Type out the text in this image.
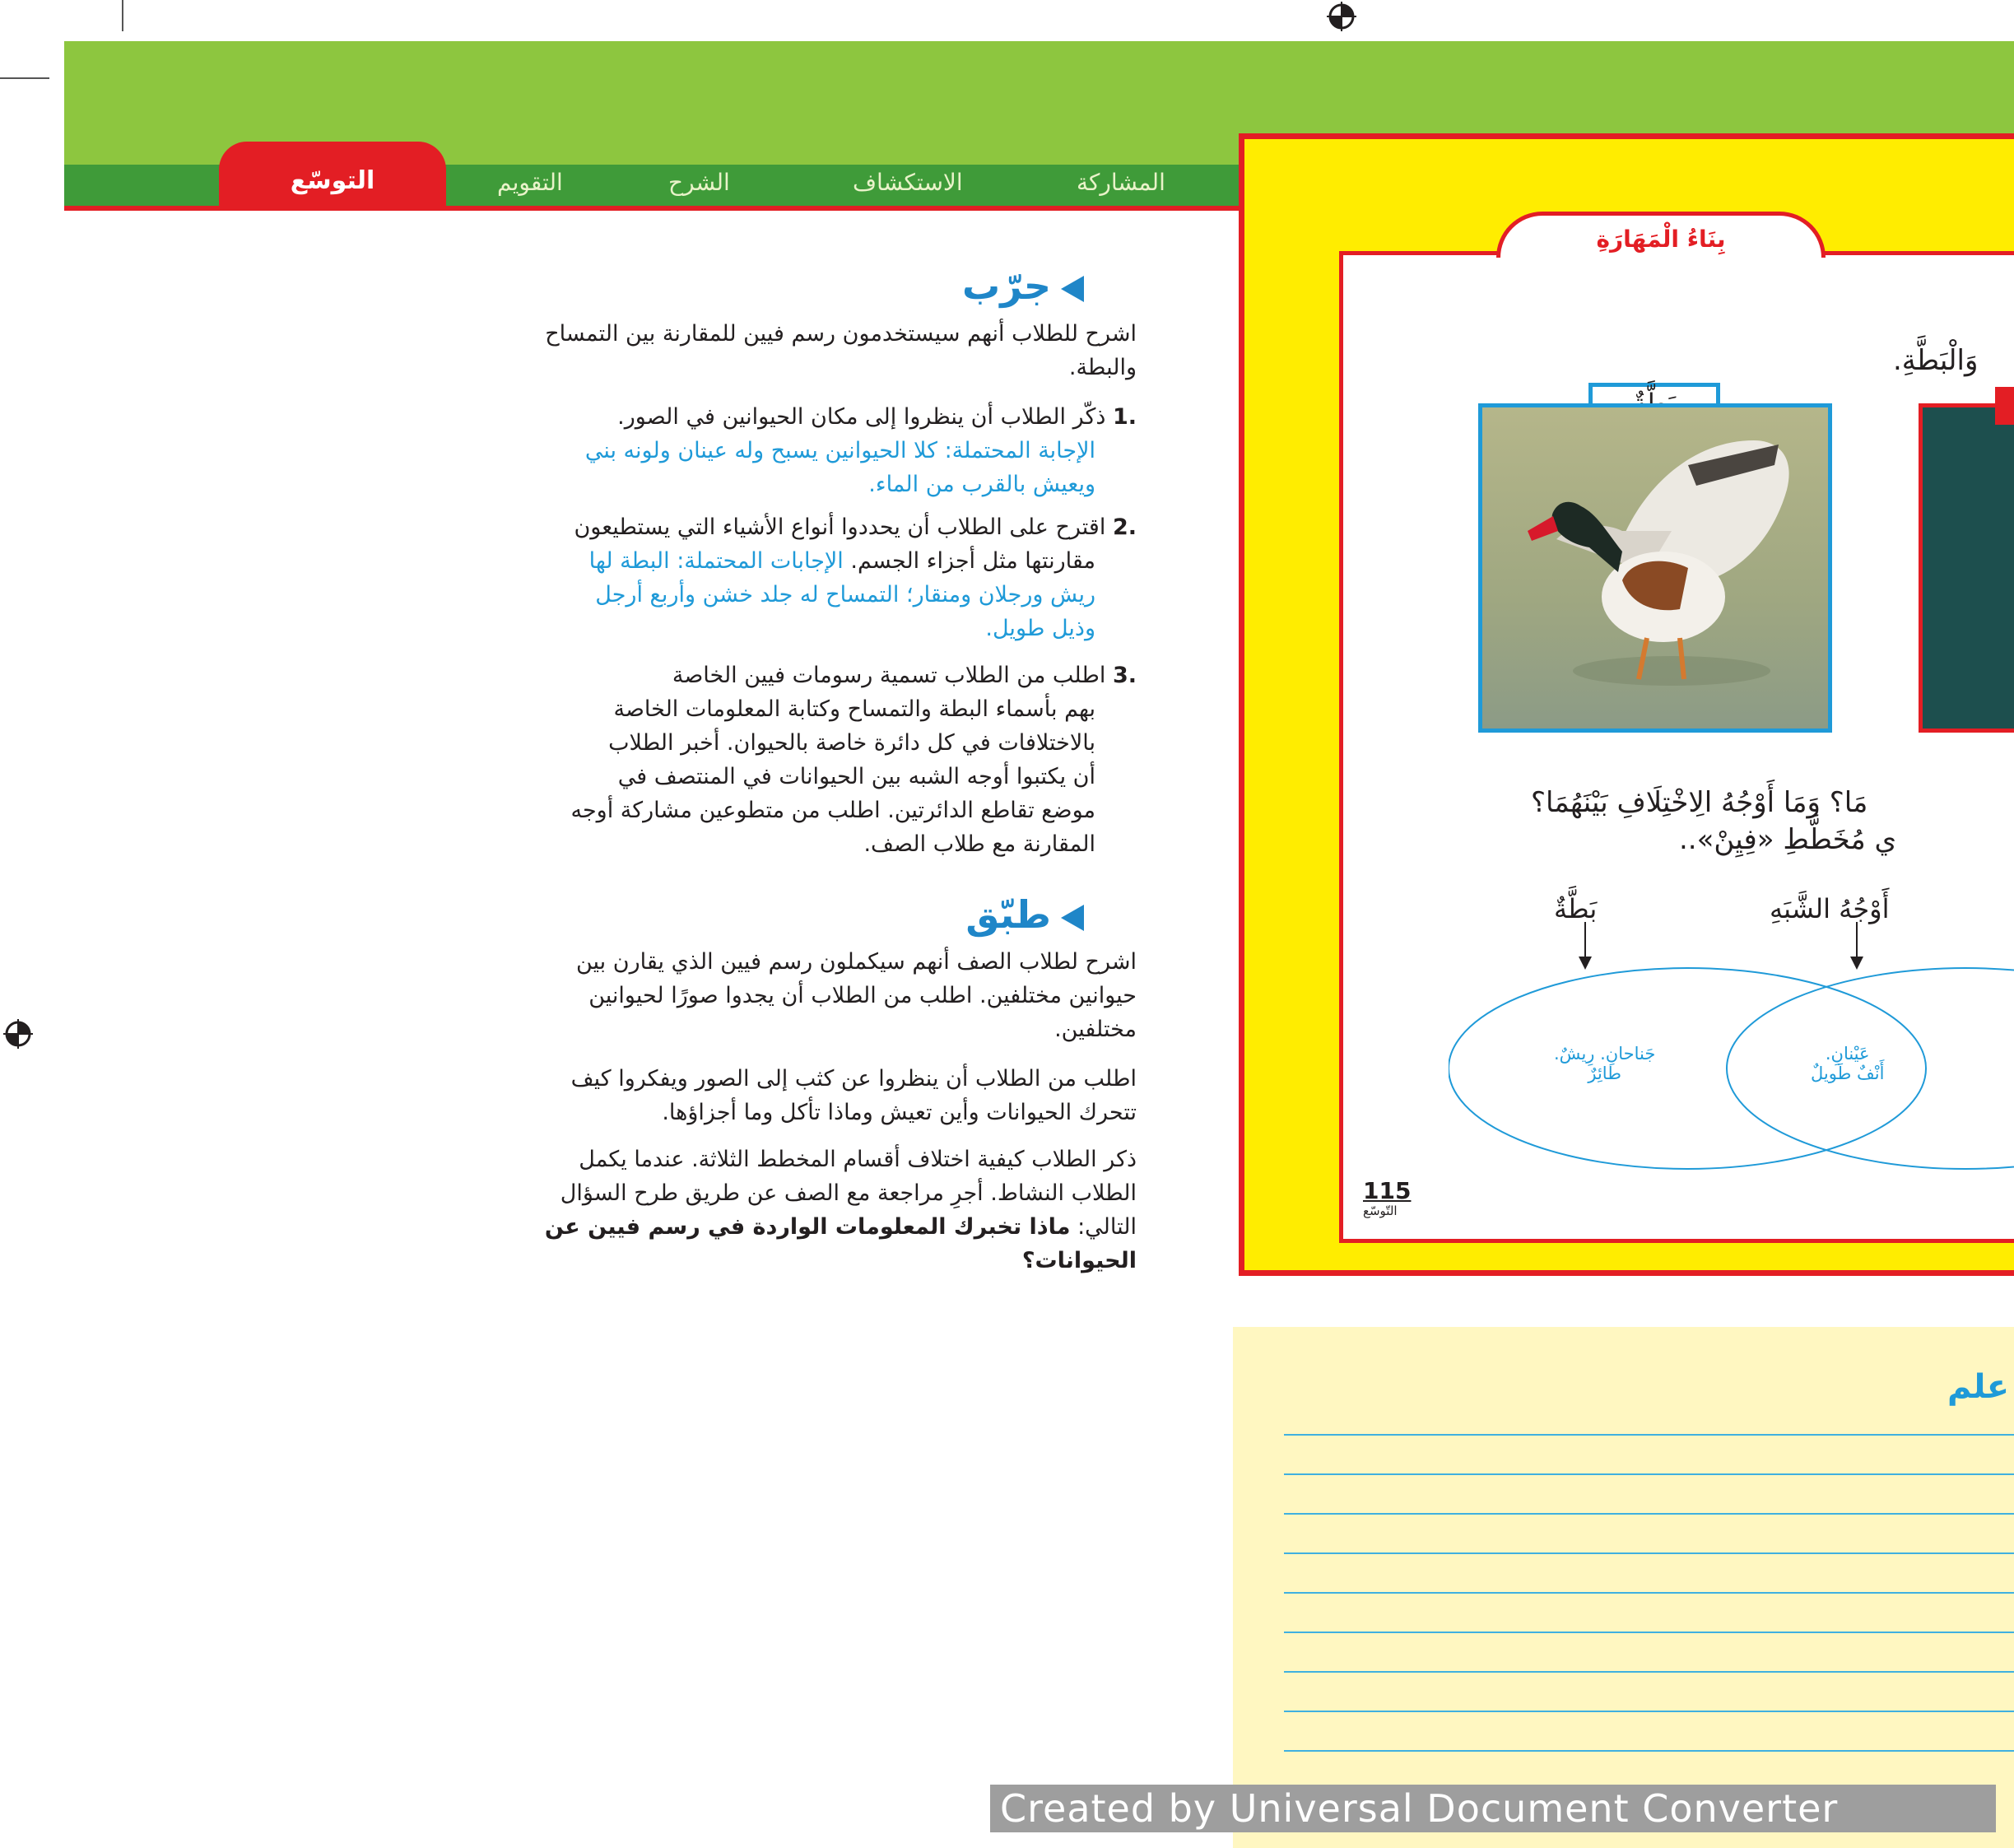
المشاركة
الاستكشاف
الشرح
التقويم
التوسّع
جرّب

اشرح للطلاب أنهم سيستخدمون رسم فيين للمقارنة بين التمساح

والبطة.

.1 ذكّر الطلاب أن ينظروا إلى مكان الحيوانين في الصور.

الإجابة المحتملة: كلا الحيوانين يسبح وله عينان ولونه بني

ويعيش بالقرب من الماء.

.2 اقترح على الطلاب أن يحددوا أنواع الأشياء التي يستطيعون

مقارنتها مثل أجزاء الجسم. الإجابات المحتملة: البطة لها

ريش ورجلان ومنقار؛ التمساح له جلد خشن وأربع أرجل

وذيل طويل.

.3 اطلب من الطلاب تسمية رسومات فيين الخاصة

بهم بأسماء البطة والتمساح وكتابة المعلومات الخاصة

بالاختلافات في كل دائرة خاصة بالحيوان. أخبر الطلاب

أن يكتبوا أوجه الشبه بين الحيوانات في المنتصف في

موضع تقاطع الدائرتين. اطلب من متطوعين مشاركة أوجه

المقارنة مع طلاب الصف.

طبّق

اشرح لطلاب الصف أنهم سيكملون رسم فيين الذي يقارن بين

حيوانين مختلفين. اطلب من الطلاب أن يجدوا صورًا لحيوانين

مختلفين.

اطلب من الطلاب أن ينظروا عن كثب إلى الصور ويفكروا كيف

تتحرك الحيوانات وأين تعيش وماذا تأكل وما أجزاؤها.

ذكر الطلاب كيفية اختلاف أقسام المخطط الثلاثة. عندما يكمل

الطلاب النشاط. أجرِ مراجعة مع الصف عن طريق طرح السؤال

التالي: ماذا تخبرك المعلومات الواردة في رسم فيين عن

الحيوانات؟

بِنَاءُ الْمَهَارَةِ
وَالْبَطَّةِ.
مَا؟ وَمَا أَوْجُهُ الِاخْتِلَافِ بَيْنَهُمَا؟
ي مُخَطَّطِ «فِيِنْ»..
بَطَّةٌ	أَوْجُهُ الشَّبَهِ
جَناحانِ. رِيشٌ.
طائِرٌ
عَيْنانِ.
أَنْفٌ طَويلٌ
115
التّوسّع
علم
Created by Universal Document Converter
